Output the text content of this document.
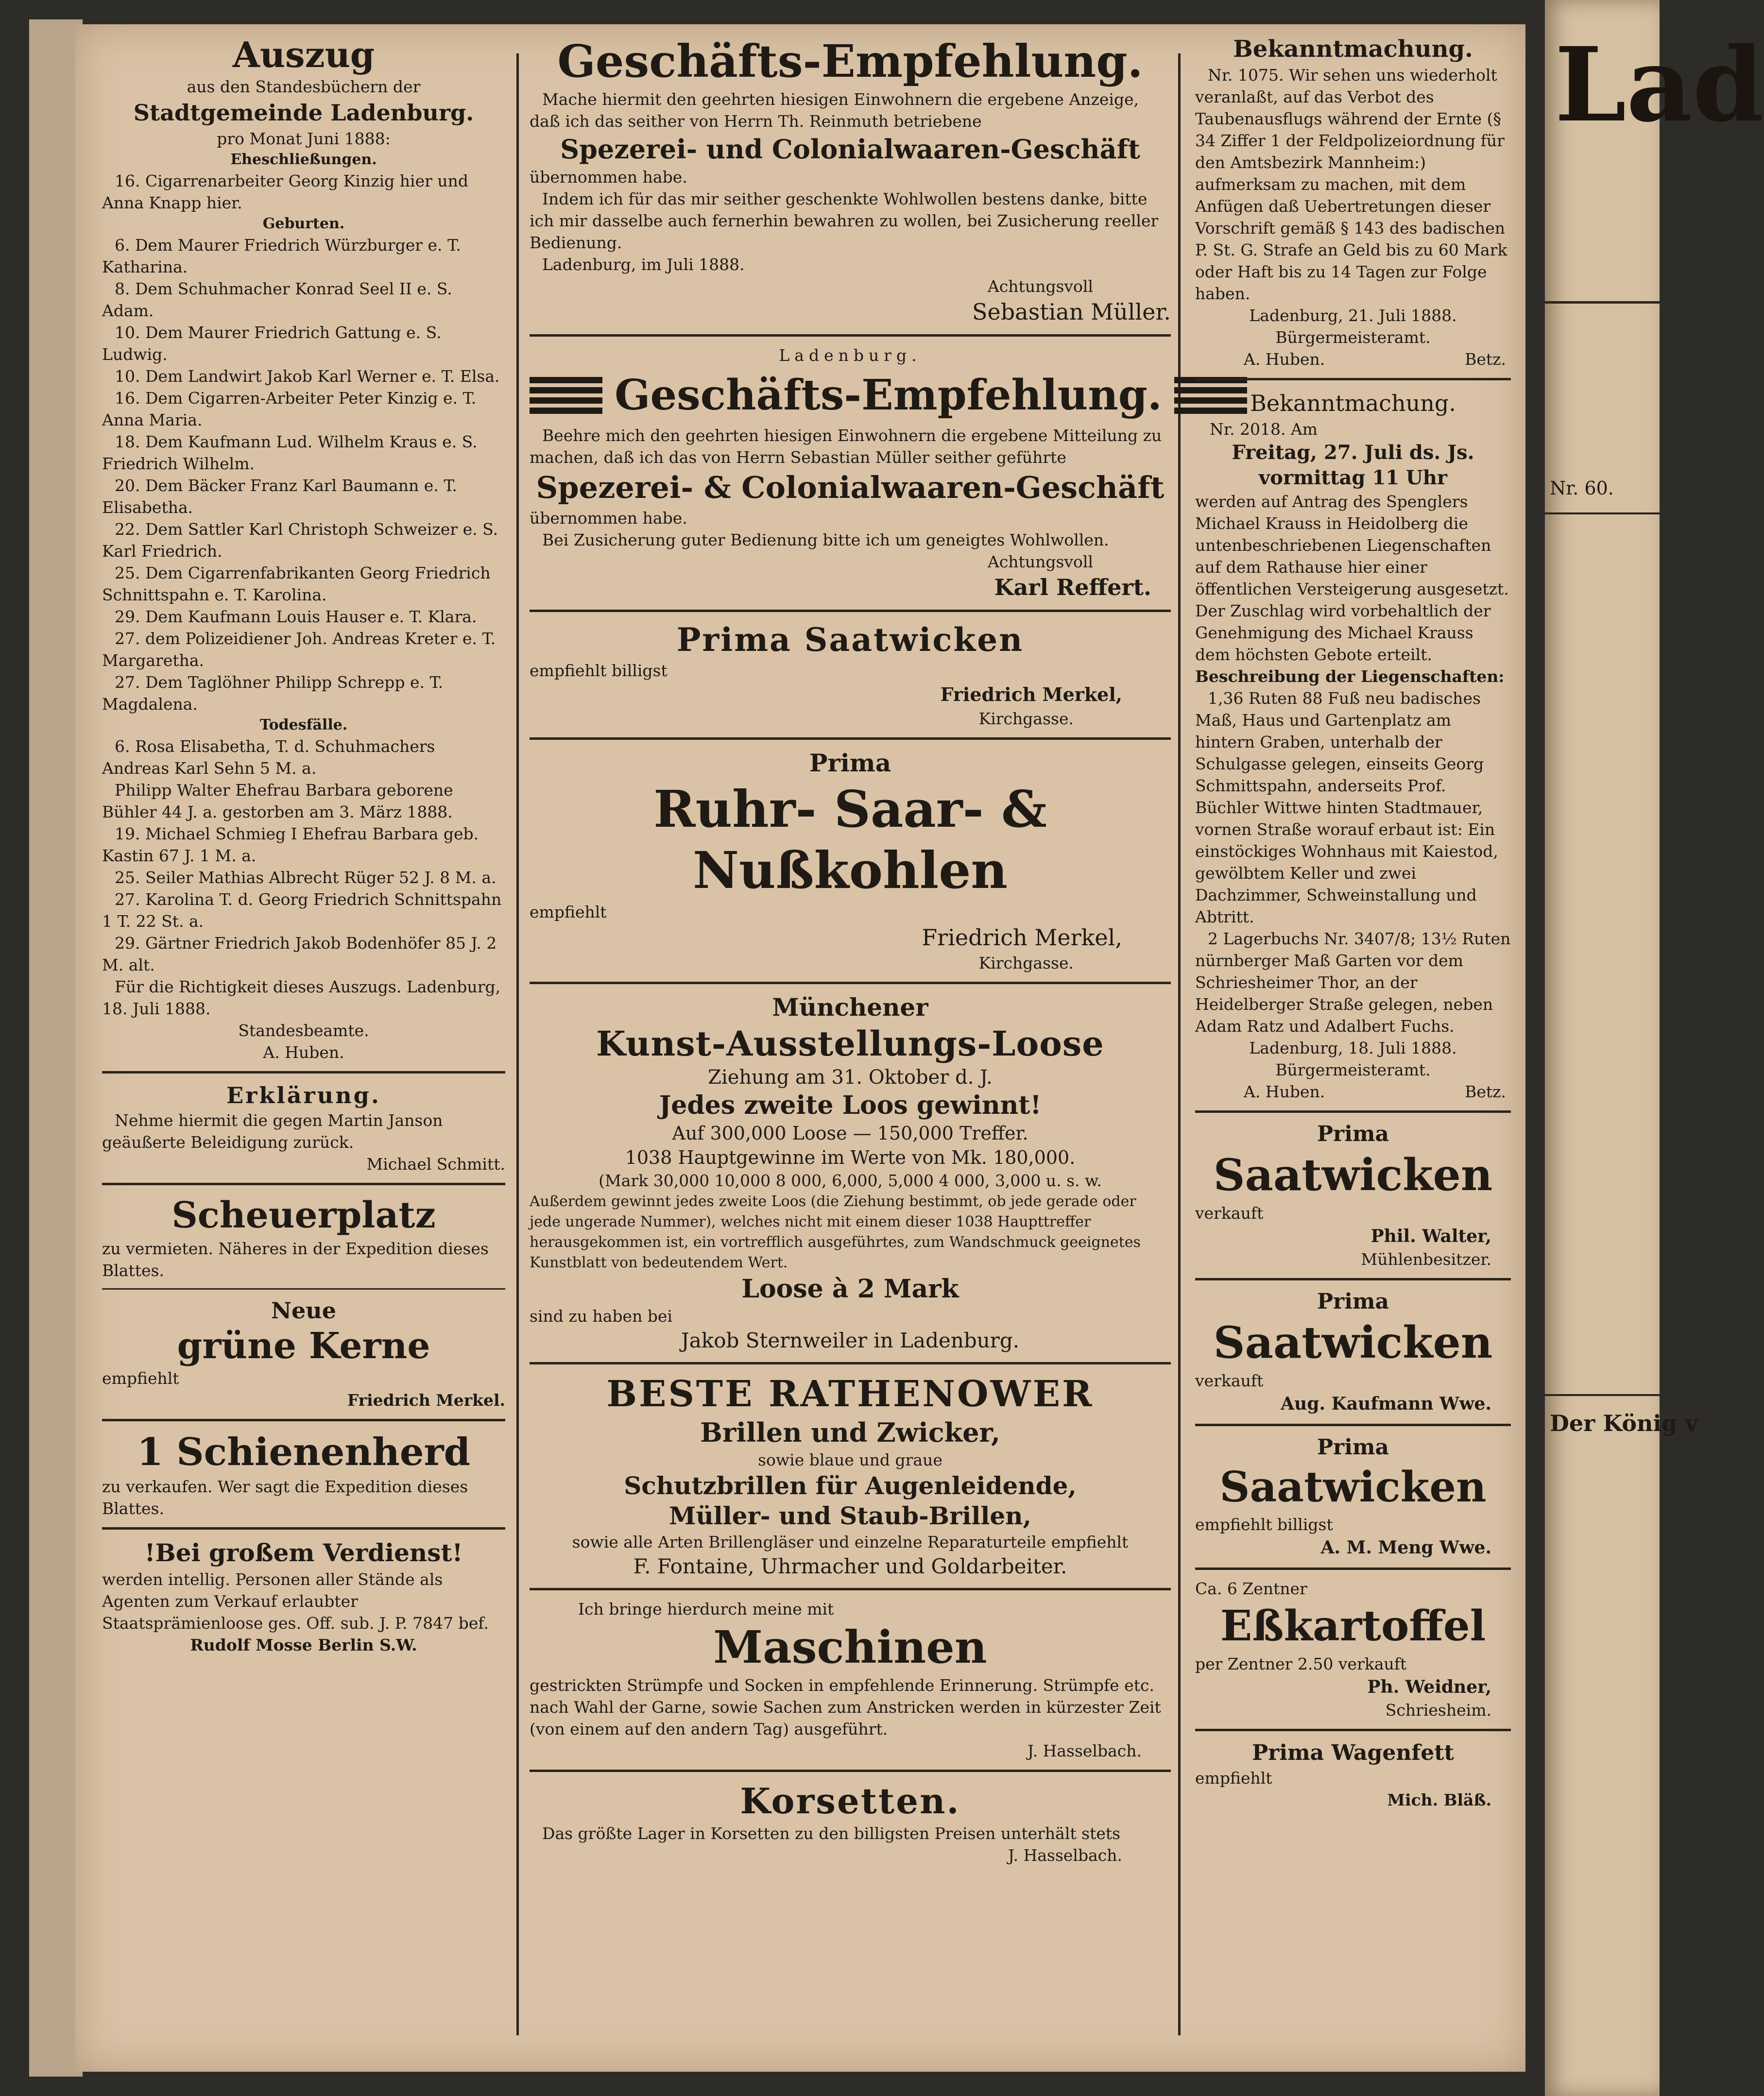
Auszug
aus den Standesbüchern der
Stadtgemeinde Ladenburg.
pro Monat Juni 1888:
Eheschließungen.

16. Cigarrenarbeiter Georg Kinzig hier und Anna Knapp hier.

Geburten.

6. Dem Maurer Friedrich Würzburger e. T. Katharina.

8. Dem Schuhmacher Konrad Seel II e. S. Adam.

10. Dem Maurer Friedrich Gattung e. S. Ludwig.

10. Dem Landwirt Jakob Karl Werner e. T. Elsa.

16. Dem Cigarren-Arbeiter Peter Kinzig e. T. Anna Maria.

18. Dem Kaufmann Lud. Wilhelm Kraus e. S. Friedrich Wilhelm.

20. Dem Bäcker Franz Karl Baumann e. T. Elisabetha.

22. Dem Sattler Karl Christoph Schweizer e. S. Karl Friedrich.

25. Dem Cigarrenfabrikanten Georg Friedrich Schnittspahn e. T. Karolina.

29. Dem Kaufmann Louis Hauser e. T. Klara.

27. dem Polizeidiener Joh. Andreas Kreter e. T. Margaretha.

27. Dem Taglöhner Philipp Schrepp e. T. Magdalena.

Todesfälle.

6. Rosa Elisabetha, T. d. Schuhmachers Andreas Karl Sehn 5 M. a.

Philipp Walter Ehefrau Barbara geborene Bühler 44 J. a. gestorben am 3. März 1888.

19. Michael Schmieg I Ehefrau Barbara geb. Kastin 67 J. 1 M. a.

25. Seiler Mathias Albrecht Rüger 52 J. 8 M. a.

27. Karolina T. d. Georg Friedrich Schnittspahn 1 T. 22 St. a.

29. Gärtner Friedrich Jakob Bodenhöfer 85 J. 2 M. alt.

Für die Richtigkeit dieses Auszugs. Ladenburg, 18. Juli 1888.

Standesbeamte.
A. Huben.
Erklärung.

Nehme hiermit die gegen Martin Janson geäußerte Beleidigung zurück.

Michael Schmitt.
Scheuerplatz

zu vermieten. Näheres in der Expedition dieses Blattes.

Neue
grüne Kerne
empfiehlt
Friedrich Merkel.
1 Schienenherd

zu verkaufen. Wer sagt die Expedition dieses Blattes.

!Bei großem Verdienst!

werden intellig. Personen aller Stände als Agenten zum Verkauf erlaubter Staatsprämienloose ges. Off. sub. J. P. 7847 bef.

Rudolf Mosse Berlin S.W.
Geschäfts-Empfehlung.

Mache hiermit den geehrten hiesigen Einwohnern die ergebene Anzeige, daß ich das seither von Herrn Th. Reinmuth betriebene

Spezerei- und Colonialwaaren-Geschäft

übernommen habe.

Indem ich für das mir seither geschenkte Wohlwollen bestens danke, bitte ich mir dasselbe auch fernerhin bewahren zu wollen, bei Zusicherung reeller Bedienung.

Ladenburg, im Juli 1888.

Achtungsvoll
Sebastian Müller.
Ladenburg.
Geschäfts-Empfehlung.

Beehre mich den geehrten hiesigen Einwohnern die ergebene Mitteilung zu machen, daß ich das von Herrn Sebastian Müller seither geführte

Spezerei- & Colonialwaaren-Geschäft

übernommen habe.

Bei Zusicherung guter Bedienung bitte ich um geneigtes Wohlwollen.

Achtungsvoll
Karl Reffert.
Prima Saatwicken
empfiehlt billigst
Friedrich Merkel,
Kirchgasse.
Prima
Ruhr- Saar- & Nußkohlen
empfiehlt
Friedrich Merkel,
Kirchgasse.
Münchener
Kunst-Ausstellungs-Loose
Ziehung am 31. Oktober d. J.
Jedes zweite Loos gewinnt!
Auf 300,000 Loose — 150,000 Treffer.
1038 Hauptgewinne im Werte von Mk. 180,000.
(Mark 30,000 10,000 8 000, 6,000, 5,000 4 000, 3,000 u. s. w.

Außerdem gewinnt jedes zweite Loos (die Ziehung bestimmt, ob jede gerade oder jede ungerade Nummer), welches nicht mit einem dieser 1038 Haupttreffer herausgekommen ist, ein vortrefflich ausgeführtes, zum Wandschmuck geeignetes Kunstblatt von bedeutendem Wert.

Loose à 2 Mark
sind zu haben bei
Jakob Sternweiler in Ladenburg.
BESTE RATHENOWER
Brillen und Zwicker,
sowie blaue und graue
Schutzbrillen für Augenleidende,
Müller- und Staub-Brillen,
sowie alle Arten Brillengläser und einzelne Reparaturteile empfiehlt
F. Fontaine, Uhrmacher und Goldarbeiter.
Ich bringe hierdurch meine mit
Maschinen

gestrickten Strümpfe und Socken in empfehlende Erinnerung. Strümpfe etc. nach Wahl der Garne, sowie Sachen zum Anstricken werden in kürzester Zeit (von einem auf den andern Tag) ausgeführt.

J. Hasselbach.
Korsetten.

Das größte Lager in Korsetten zu den billigsten Preisen unterhält stets

J. Hasselbach.
Bekanntmachung.

Nr. 1075. Wir sehen uns wiederholt veranlaßt, auf das Verbot des Taubenausflugs während der Ernte (§ 34 Ziffer 1 der Feldpolizeiordnung für den Amtsbezirk Mannheim:) aufmerksam zu machen, mit dem Anfügen daß Uebertretungen dieser Vorschrift gemäß § 143 des badischen P. St. G. Strafe an Geld bis zu 60 Mark oder Haft bis zu 14 Tagen zur Folge haben.

Ladenburg, 21. Juli 1888.
Bürgermeisteramt.
A. Huben.	Betz.
Bekanntmachung.
Nr. 2018. Am
Freitag, 27. Juli ds. Js.
vormittag 11 Uhr

werden auf Antrag des Spenglers Michael Krauss in Heidolberg die untenbeschriebenen Liegenschaften auf dem Rathause hier einer öffentlichen Versteigerung ausgesetzt. Der Zuschlag wird vorbehaltlich der Genehmigung des Michael Krauss dem höchsten Gebote erteilt.

Beschreibung der Liegenschaften:

1,36 Ruten 88 Fuß neu badisches Maß, Haus und Gartenplatz am hintern Graben, unterhalb der Schulgasse gelegen, einseits Georg Schmittspahn, anderseits Prof. Büchler Wittwe hinten Stadtmauer, vornen Straße worauf erbaut ist: Ein einstöckiges Wohnhaus mit Kaiestod, gewölbtem Keller und zwei Dachzimmer, Schweinstallung und Abtritt.

2 Lagerbuchs Nr. 3407/8; 13½ Ruten nürnberger Maß Garten vor dem Schriesheimer Thor, an der Heidelberger Straße gelegen, neben Adam Ratz und Adalbert Fuchs.

Ladenburg, 18. Juli 1888.
Bürgermeisteramt.
A. Huben.	Betz.
Prima
Saatwicken
verkauft
Phil. Walter,
Mühlenbesitzer.
Prima
Saatwicken
verkauft
Aug. Kaufmann Wwe.
Prima
Saatwicken
empfiehlt billigst
A. M. Meng Wwe.
Ca. 6 Zentner
Eßkartoffel
per Zentner 2.50 verkauft
Ph. Weidner,
Schriesheim.
Prima Wagenfett
empfiehlt
Mich. Bläß.
Lad
Nr. 60.
Der König v
